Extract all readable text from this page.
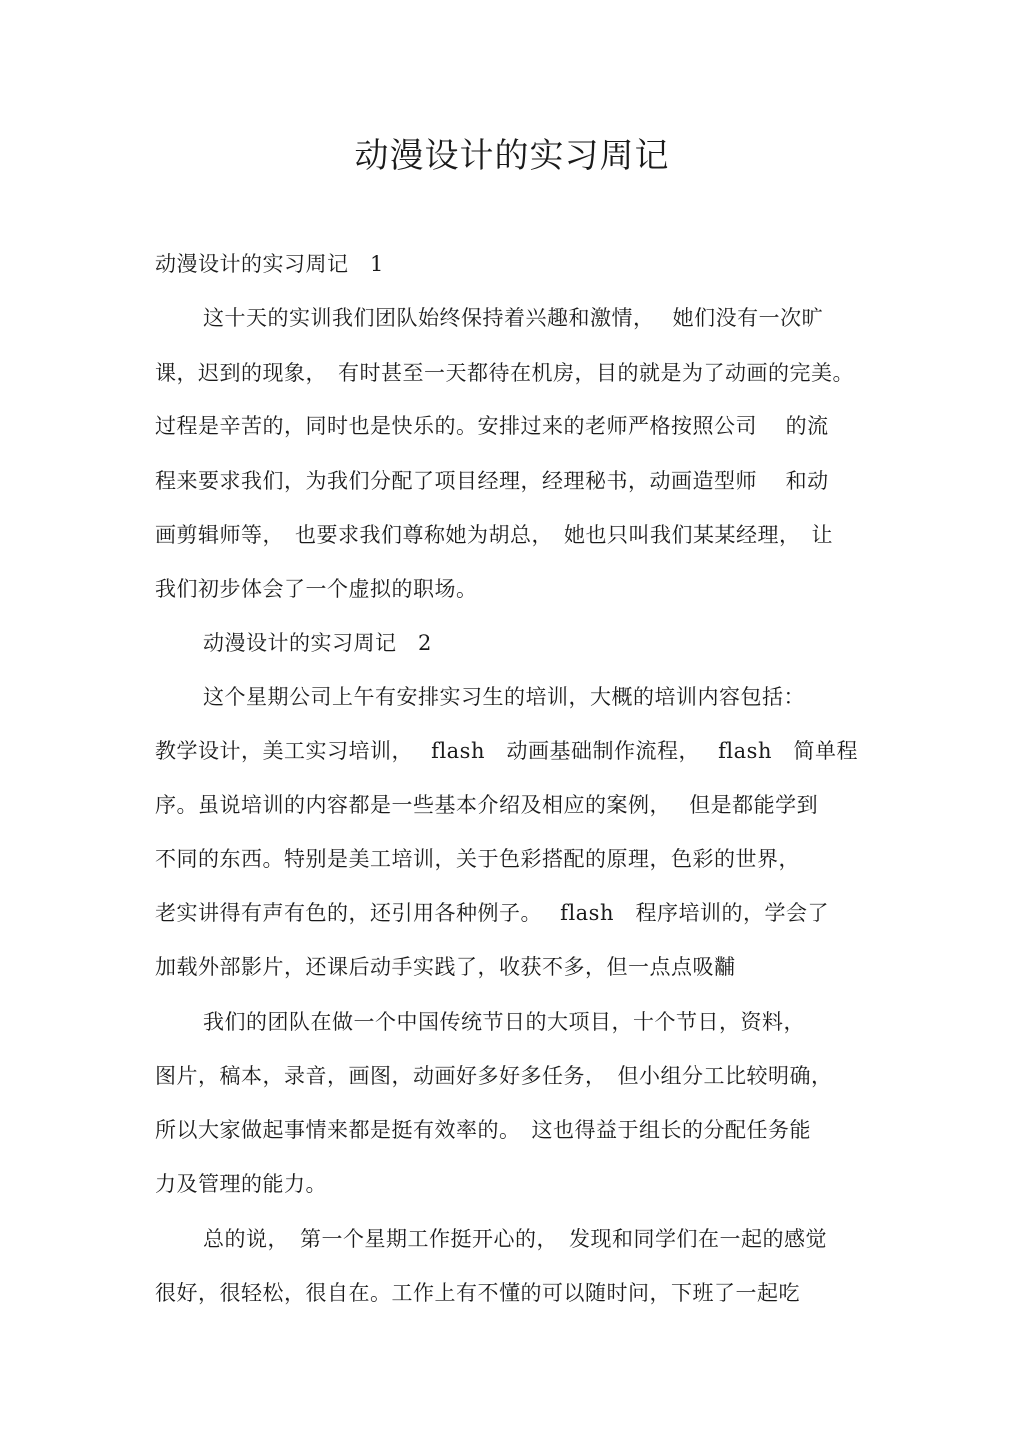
动漫设计的实习周记
动漫设计的实习周记　1
这十天的实训我们团队始终保持着兴趣和激情，　 她们没有一次旷
课，迟到的现象，　有时甚至一天都待在机房，目的就是为了动画的完美。
过程是辛苦的，同时也是快乐的。安排过来的老师严格按照公司　 的流
程来要求我们，为我们分配了项目经理，经理秘书，动画造型师　 和动
画剪辑师等，　也要求我们尊称她为胡总，　她也只叫我们某某经理，　让
我们初步体会了一个虚拟的职场。
动漫设计的实习周记　2
这个星期公司上午有安排实习生的培训，大概的培训内容包括：
教学设计，美工实习培训，　 flash　动画基础制作流程，　 flash　简单程
序。虽说培训的内容都是一些基本介绍及相应的案例，　 但是都能学到
不同的东西。特别是美工培训，关于色彩搭配的原理，色彩的世界，
老实讲得有声有色的，还引用各种例子。　 flash　程序培训的，学会了
加载外部影片，还课后动手实践了，收获不多，但一点点吸黼
我们的团队在做一个中国传统节日的大项目，十个节日，资料，
图片，稿本，录音，画图，动画好多好多任务，　但小组分工比较明确，
所以大家做起事情来都是挺有效率的。　这也得益于组长的分配任务能
力及管理的能力。
总的说，　第一个星期工作挺开心的，　发现和同学们在一起的感觉
很好，很轻松，很自在。工作上有不懂的可以随时问，下班了一起吃
